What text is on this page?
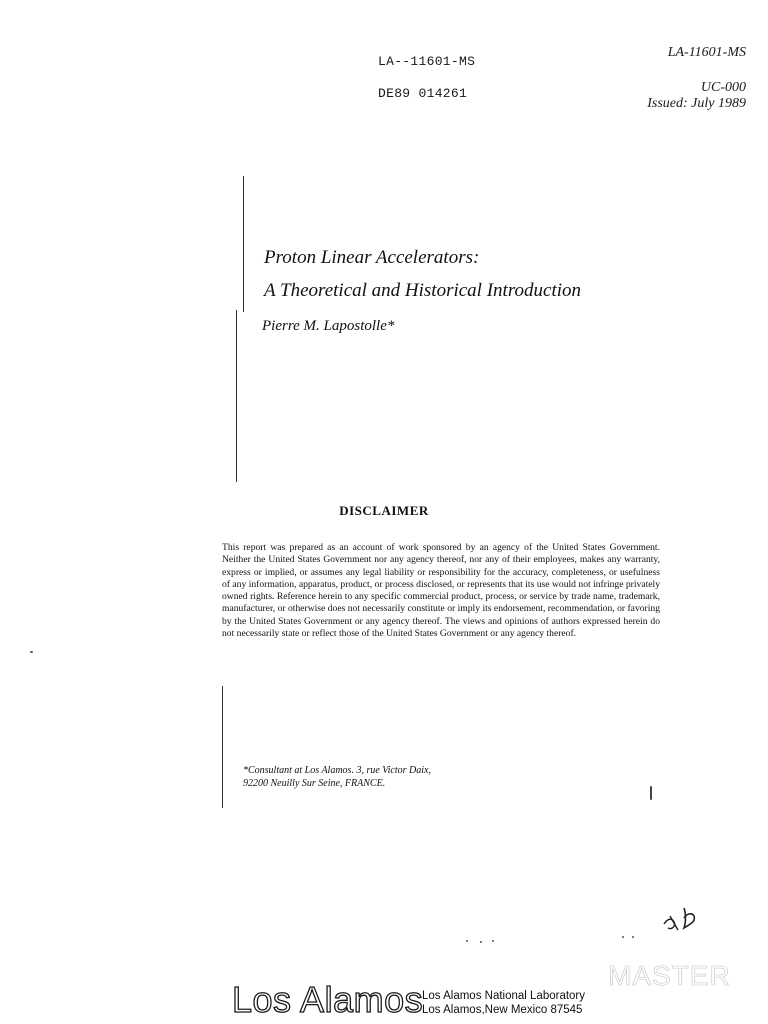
LA--11601-MS
DE89 014261
LA-11601-MS
UC-000
Issued: July 1989
Proton Linear Accelerators:
A Theoretical and Historical Introduction
Pierre M. Lapostolle*
DISCLAIMER
This report was prepared as an account of work sponsored by an agency of the United States Government. Neither the United States Government nor any agency thereof, nor any of their employees, makes any warranty, express or implied, or assumes any legal liability or responsibility for the accuracy, completeness, or usefulness of any information, apparatus, product, or process disclosed, or represents that its use would not infringe privately owned rights. Reference herein to any specific commercial product, process, or service by trade name, trademark, manufacturer, or otherwise does not necessarily constitute or imply its endorsement, recommendation, or favoring by the United States Government or any agency thereof. The views and opinions of authors expressed herein do not necessarily state or reflect those of the United States Government or any agency thereof.
*Consultant at Los Alamos. 3, rue Victor Daix,
92200 Neuilly Sur Seine, FRANCE.
MASTER
Los Alamos
Los Alamos National Laboratory
Los Alamos,New Mexico 87545
